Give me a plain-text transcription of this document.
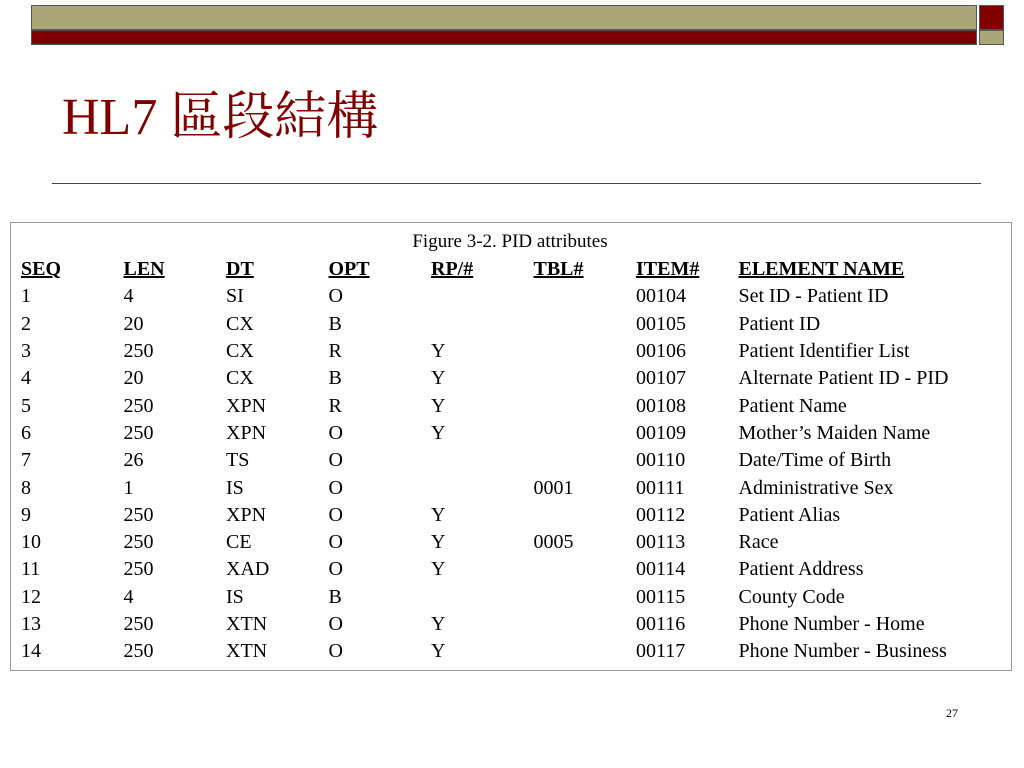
HL7 區段結構
Figure 3-2. PID attributes
SEQ	LEN	DT	OPT	RP/#	TBL#	ITEM#	ELEMENT NAME
1	4	SI	O			00104	Set ID - Patient ID
2	20	CX	B			00105	Patient ID
3	250	CX	R	Y		00106	Patient Identifier List
4	20	CX	B	Y		00107	Alternate Patient ID - PID
5	250	XPN	R	Y		00108	Patient Name
6	250	XPN	O	Y		00109	Mother’s Maiden Name
7	26	TS	O			00110	Date/Time of Birth
8	1	IS	O		0001	00111	Administrative Sex
9	250	XPN	O	Y		00112	Patient Alias
10	250	CE	O	Y	0005	00113	Race
11	250	XAD	O	Y		00114	Patient Address
12	4	IS	B			00115	County Code
13	250	XTN	O	Y		00116	Phone Number - Home
14	250	XTN	O	Y		00117	Phone Number - Business
27
